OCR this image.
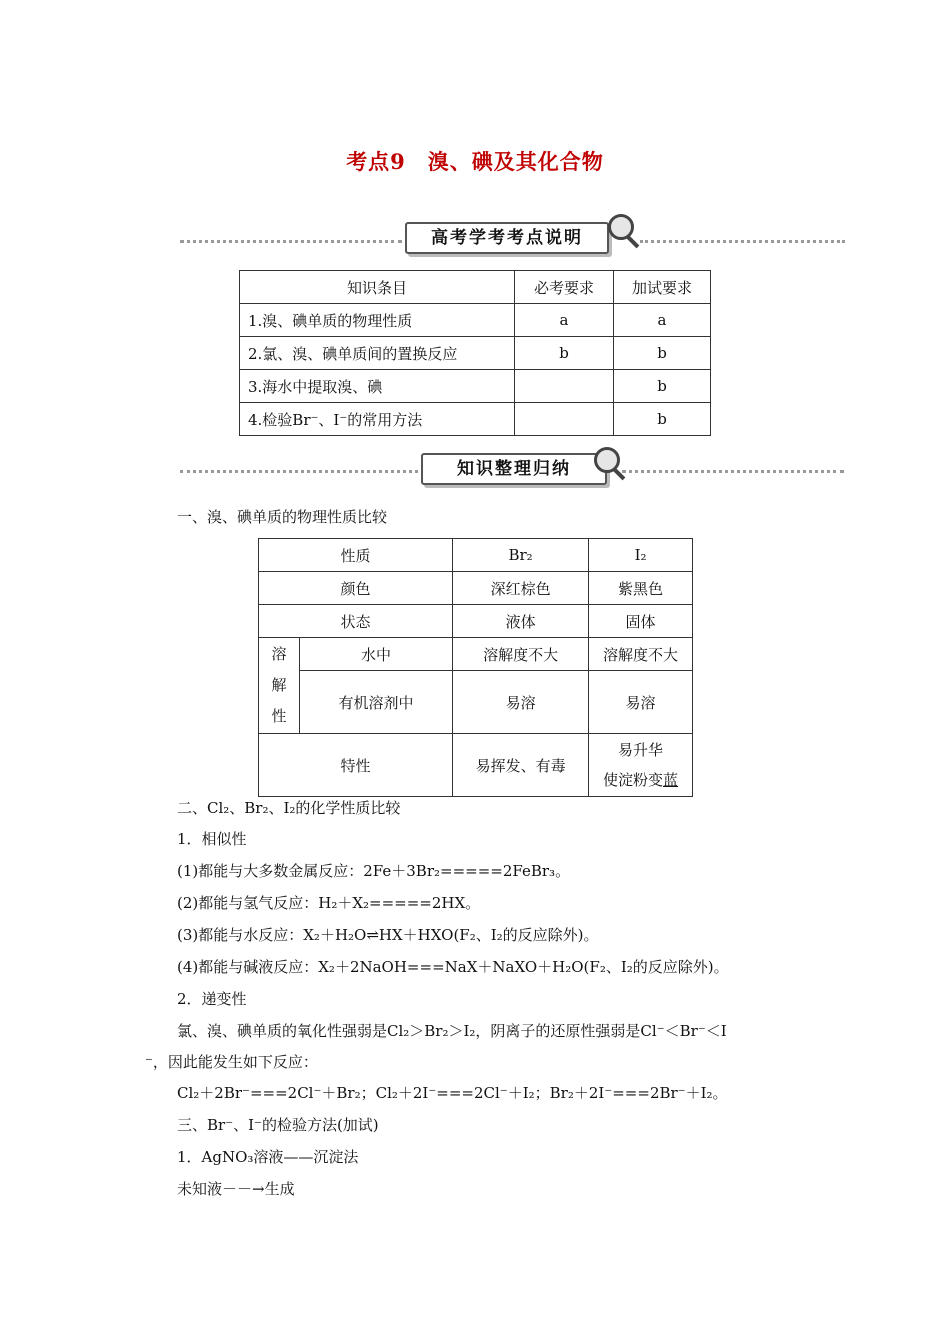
考点9　溴、碘及其化合物
高考学考考点说明
知识条目	必考要求	加试要求
1.溴、碘单质的物理性质	a	a
2.氯、溴、碘单质间的置换反应	b	b
3.海水中提取溴、碘		b
4.检验Br⁻、I⁻的常用方法		b
知识整理归纳
一、溴、碘单质的物理性质比较
性质		Br₂	I₂
颜色		深红棕色	紫黑色
状态		液体	固体

溶
解
性	水中	溶解度不大	溶解度不大
	有机溶剂中	易溶	易溶
特性		易挥发、有毒	易升华
使淀粉变蓝
二、Cl₂、Br₂、I₂的化学性质比较
1．相似性
(1)都能与大多数金属反应：2Fe＋3Br₂=====2FeBr₃。
(2)都能与氢气反应：H₂＋X₂=====2HX。
(3)都能与水反应：X₂＋H₂O⇌HX＋HXO(F₂、I₂的反应除外)。
(4)都能与碱液反应：X₂＋2NaOH===NaX＋NaXO＋H₂O(F₂、I₂的反应除外)。
2．递变性
氯、溴、碘单质的氧化性强弱是Cl₂＞Br₂＞I₂，阴离子的还原性强弱是Cl⁻＜Br⁻＜I
⁻，因此能发生如下反应：
Cl₂＋2Br⁻===2Cl⁻＋Br₂；Cl₂＋2I⁻===2Cl⁻＋I₂；Br₂＋2I⁻===2Br⁻＋I₂。
三、Br⁻、I⁻的检验方法(加试)
1．AgNO₃溶液——沉淀法
未知液－－→生成
